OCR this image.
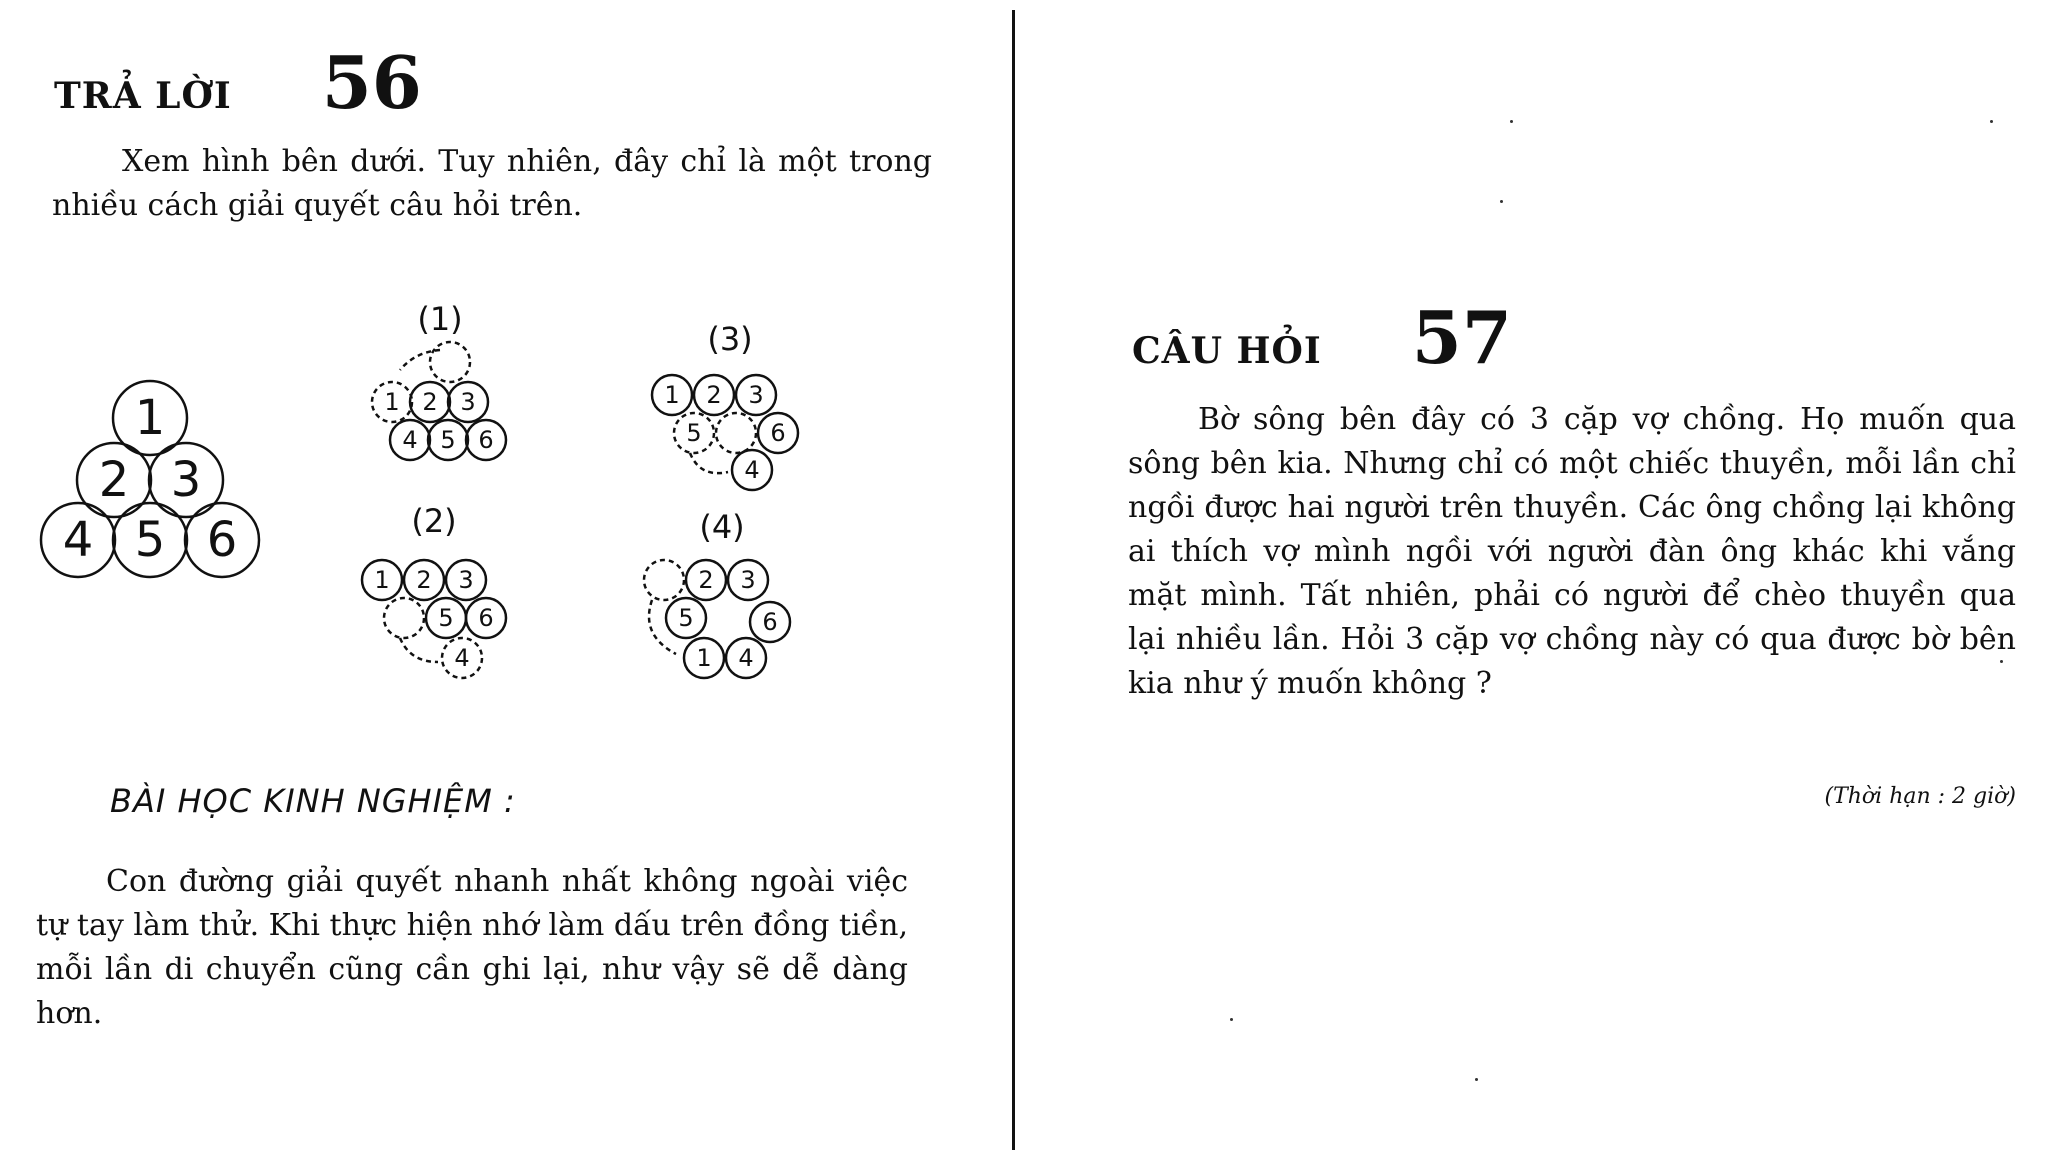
TRẢ LỜI 56

Xem hình bên dưới. Tuy nhiên, đây chỉ là một trong nhiều cách giải quyết câu hỏi trên.

1
2 3
4 5 6
(1)
(2)
(3)
(4)
1 2 3
4 5 6
1 2 3
5 6
4
1 2 3
5	6
4
2 3
5	6
1 4
BÀI HỌC KINH NGHIỆM :

Con đường giải quyết nhanh nhất không ngoài việc tự tay làm thử. Khi thực hiện nhớ làm dấu trên đồng tiền, mỗi lần di chuyển cũng cần ghi lại, như vậy sẽ dễ dàng hơn.

CÂU HỎI 57

Bờ sông bên đây có 3 cặp vợ chồng. Họ muốn qua sông bên kia. Nhưng chỉ có một chiếc thuyền, mỗi lần chỉ ngồi được hai người trên thuyền. Các ông chồng lại không ai thích vợ mình ngồi với người đàn ông khác khi vắng mặt mình. Tất nhiên, phải có người để chèo thuyền qua lại nhiều lần. Hỏi 3 cặp vợ chồng này có qua được bờ bên kia như ý muốn không ?

(Thời hạn : 2 giờ)
